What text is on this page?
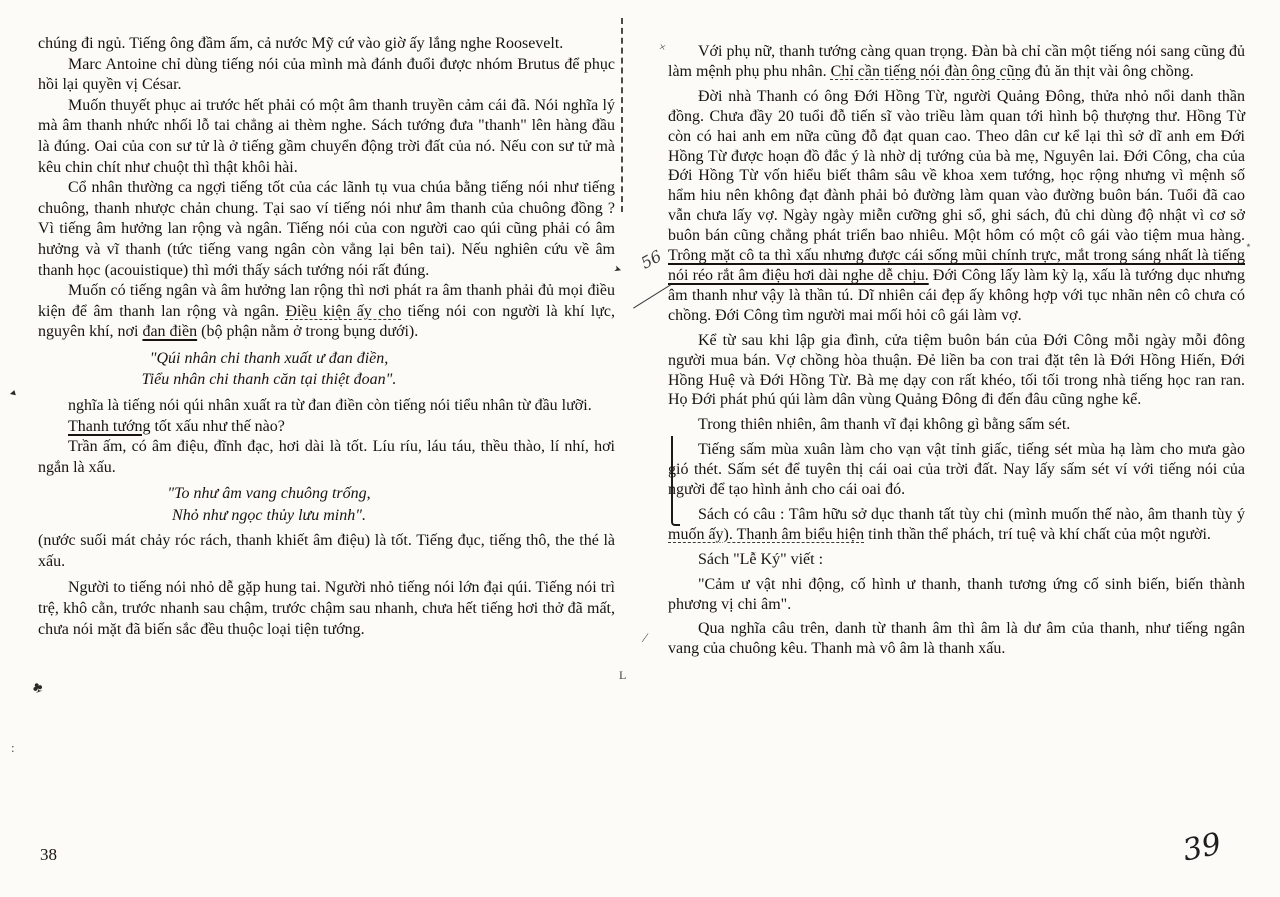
chúng đi ngủ. Tiếng ông đầm ấm, cả nước Mỹ cứ vào giờ ấy lắng nghe Roosevelt.

Marc Antoine chỉ dùng tiếng nói của mình mà đánh đuổi được nhóm Brutus để phục hồi lại quyền vị César.

Muốn thuyết phục ai trước hết phải có một âm thanh truyền cảm cái đã. Nói nghĩa lý mà âm thanh nhức nhối lỗ tai chẳng ai thèm nghe. Sách tướng đưa "thanh" lên hàng đầu là đúng. Oai của con sư tử là ở tiếng gầm chuyển động trời đất của nó. Nếu con sư tử mà kêu chin chít như chuột thì thật khôi hài.

Cổ nhân thường ca ngợi tiếng tốt của các lãnh tụ vua chúa bằng tiếng nói như tiếng chuông, thanh nhược chản chung. Tại sao ví tiếng nói như âm thanh của chuông đồng ? Vì tiếng âm hưởng lan rộng và ngân. Tiếng nói của con người cao qúi cũng phải có âm hưởng và vĩ thanh (tức tiếng vang ngân còn vẳng lại bên tai). Nếu nghiên cứu về âm thanh học (acouistique) thì mới thấy sách tướng nói rất đúng.

Muốn có tiếng ngân và âm hưởng lan rộng thì nơi phát ra âm thanh phải đủ mọi điều kiện để âm thanh lan rộng và ngân. Điều kiện ấy cho tiếng nói con người là khí lực, nguyên khí, nơi đan điền (bộ phận nằm ở trong bụng dưới).

"Qúi nhân chi thanh xuất ư đan điền,
Tiểu nhân chi thanh căn tại thiệt đoan".

nghĩa là tiếng nói qúi nhân xuất ra từ đan điền còn tiếng nói tiểu nhân từ đầu lưỡi.

Thanh tướng tốt xấu như thế nào?

Trần ấm, có âm điệu, đĩnh đạc, hơi dài là tốt. Líu ríu, láu táu, thều thào, lí nhí, hơi ngắn là xấu.

"To như âm vang chuông trống,
Nhỏ như ngọc thủy lưu minh".

(nước suối mát chảy róc rách, thanh khiết âm điệu) là tốt. Tiếng đục, tiếng thô, the thé là xấu.

Người to tiếng nói nhỏ dễ gặp hung tai. Người nhỏ tiếng nói lớn đại qúi. Tiếng nói trì trệ, khô cằn, trước nhanh sau chậm, trước chậm sau nhanh, chưa hết tiếng hơi thở đã mất, chưa nói mặt đã biến sắc đều thuộc loại tiện tướng.

Với phụ nữ, thanh tướng càng quan trọng. Đàn bà chỉ cần một tiếng nói sang cũng đủ làm mệnh phụ phu nhân. Chỉ cần tiếng nói đàn ông cũng đủ ăn thịt vài ông chồng.

Đời nhà Thanh có ông Đới Hồng Từ, người Quảng Đông, thửa nhỏ nổi danh thần đồng. Chưa đầy 20 tuổi đỗ tiến sĩ vào triều làm quan tới hình bộ thượng thư. Hồng Từ còn có hai anh em nữa cũng đỗ đạt quan cao. Theo dân cư kể lại thì sở dĩ anh em Đới Hồng Từ được hoạn đồ đắc ý là nhờ dị tướng của bà mẹ, Nguyên lai. Đới Công, cha của Đới Hồng Từ vốn hiểu biết thâm sâu về khoa xem tướng, học rộng nhưng vì mệnh số hẩm hiu nên không đạt đành phải bỏ đường làm quan vào đường buôn bán. Tuổi đã cao vẫn chưa lấy vợ. Ngày ngày miễn cưỡng ghi sổ, ghi sách, đủ chi dùng độ nhật vì cơ sở buôn bán cũng chẳng phát triển bao nhiêu. Một hôm có một cô gái vào tiệm mua hàng. Trông mặt cô ta thì xấu nhưng được cái sống mũi chính trực, mắt trong sáng nhất là tiếng nói réo rắt âm điệu hơi dài nghe dễ chịu. Đới Công lấy làm kỳ lạ, xấu là tướng dục nhưng âm thanh như vậy là thần tú. Dĩ nhiên cái đẹp ấy không hợp với tục nhãn nên cô chưa có chồng. Đới Công tìm người mai mối hỏi cô gái làm vợ.

Kể từ sau khi lập gia đình, cửa tiệm buôn bán của Đới Công mỗi ngày mỗi đông người mua bán. Vợ chồng hòa thuận. Đẻ liền ba con trai đặt tên là Đới Hồng Hiến, Đới Hồng Huệ và Đới Hồng Từ. Bà mẹ dạy con rất khéo, tối tối trong nhà tiếng học ran ran. Họ Đới phát phú qúi làm dân vùng Quảng Đông đi đến đâu cũng nghe kể.

Trong thiên nhiên, âm thanh vĩ đại không gì bằng sấm sét.

Tiếng sấm mùa xuân làm cho vạn vật tỉnh giấc, tiếng sét mùa hạ làm cho mưa gào gió thét. Sấm sét để tuyên thị cái oai của trời đất. Nay lấy sấm sét ví với tiếng nói của người để tạo hình ảnh cho cái oai đó.

Sách có câu : Tâm hữu sở dục thanh tất tùy chi (mình muốn thế nào, âm thanh tùy ý muốn ấy). Thanh âm biểu hiện tinh thần thể phách, trí tuệ và khí chất của một người.

Sách "Lễ Ký" viết :

"Cảm ư vật nhi động, cố hình ư thanh, thanh tương ứng cố sinh biến, biến thành phương vị chi âm".

Qua nghĩa câu trên, danh từ thanh âm thì âm là dư âm của thanh, như tiếng ngân vang của chuông kêu. Thanh mà vô âm là thanh xấu.

38	39
56
◄
♣
:
➤
∕
L
×
٭
